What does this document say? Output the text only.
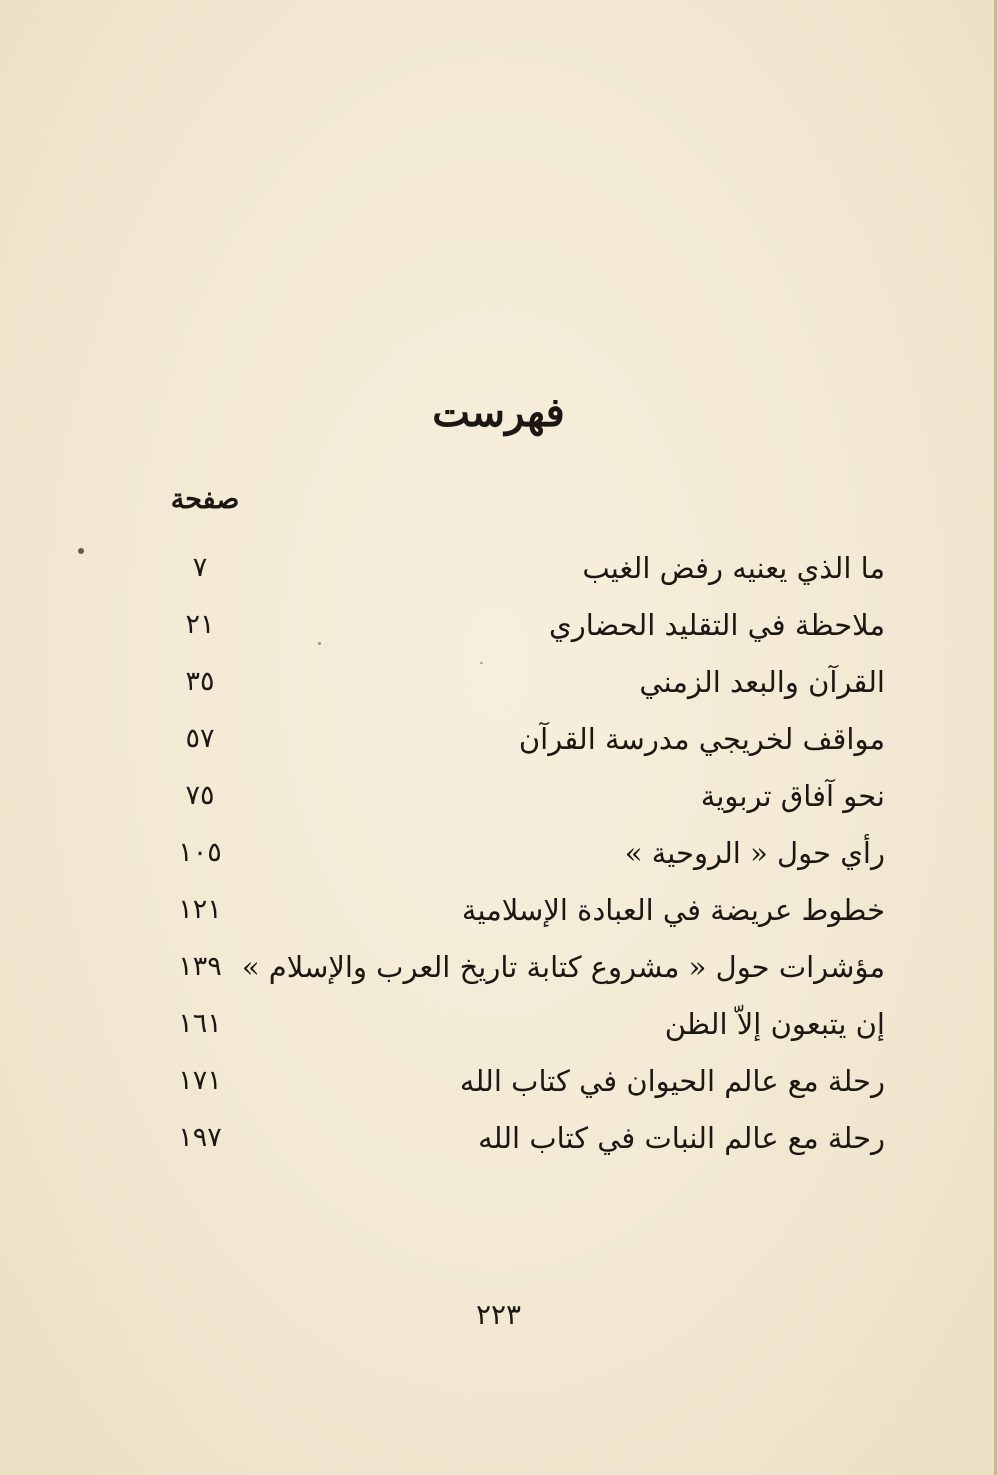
فهرست
صفحة
ما الذي يعنيه رفض الغيب
٧
ملاحظة في التقليد الحضاري
٢١
القرآن والبعد الزمني
٣٥
مواقف لخريجي مدرسة القرآن
٥٧
نحو آفاق تربوية
٧٥
رأي حول « الروحية »
١٠٥
خطوط عريضة في العبادة الإسلامية
١٢١
مؤشرات حول « مشروع كتابة تاريخ العرب والإسلام »
١٣٩
إن يتبعون إلاّ الظن
١٦١
رحلة مع عالم الحيوان في كتاب الله
١٧١
رحلة مع عالم النبات في كتاب الله
١٩٧
٢٢٣
